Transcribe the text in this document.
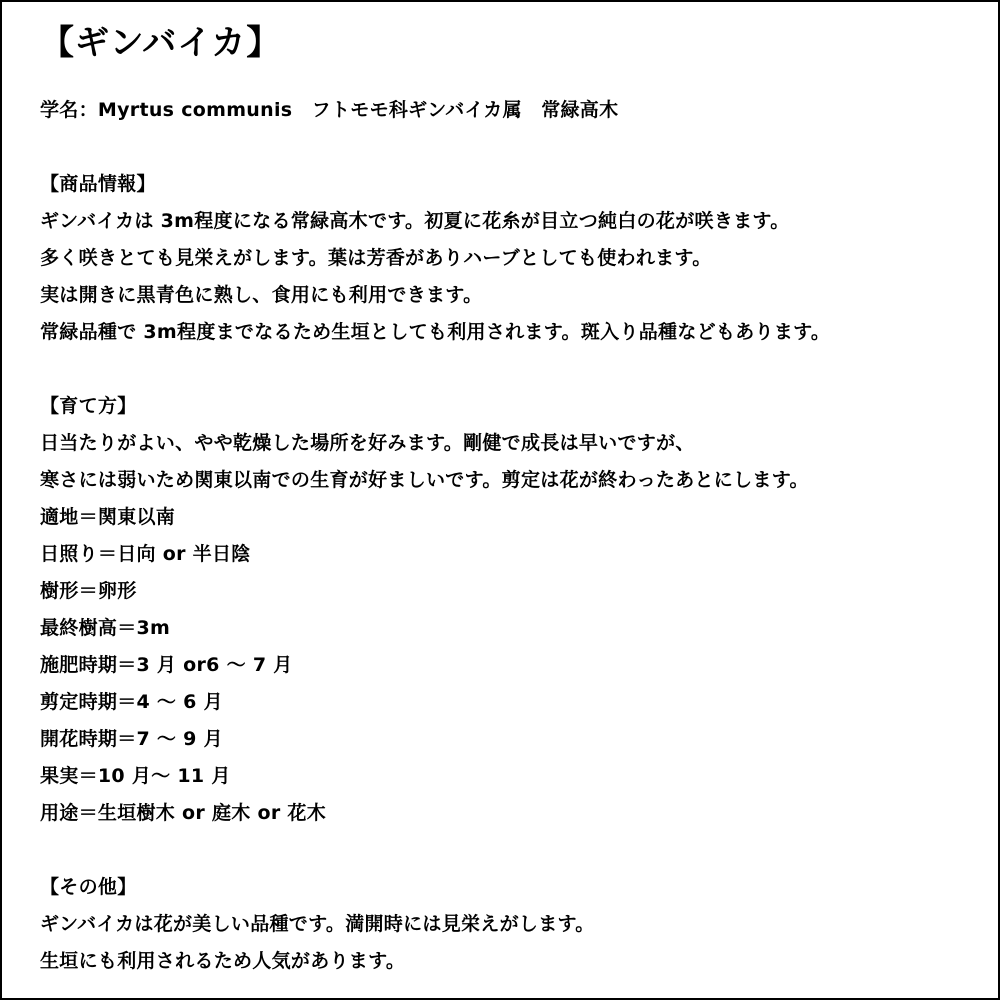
【ギンバイカ】
学名：Myrtus communis　フトモモ科ギンバイカ属　常緑高木
【商品情報】
ギンバイカは 3m程度になる常緑高木です。初夏に花糸が目立つ純白の花が咲きます。
多く咲きとても見栄えがします。葉は芳香がありハーブとしても使われます。
実は開きに黒青色に熟し、食用にも利用できます。
常緑品種で 3m程度までなるため生垣としても利用されます。斑入り品種などもあります。
【育て方】
日当たりがよい、やや乾燥した場所を好みます。剛健で成長は早いですが、
寒さには弱いため関東以南での生育が好ましいです。剪定は花が終わったあとにします。
適地＝関東以南
日照り＝日向 or 半日陰
樹形＝卵形
最終樹高＝3m
施肥時期＝3 月 or6 ～ 7 月
剪定時期＝4 ～ 6 月
開花時期＝7 ～ 9 月
果実＝10 月～ 11 月
用途＝生垣樹木 or 庭木 or 花木
【その他】
ギンバイカは花が美しい品種です。満開時には見栄えがします。
生垣にも利用されるため人気があります。
